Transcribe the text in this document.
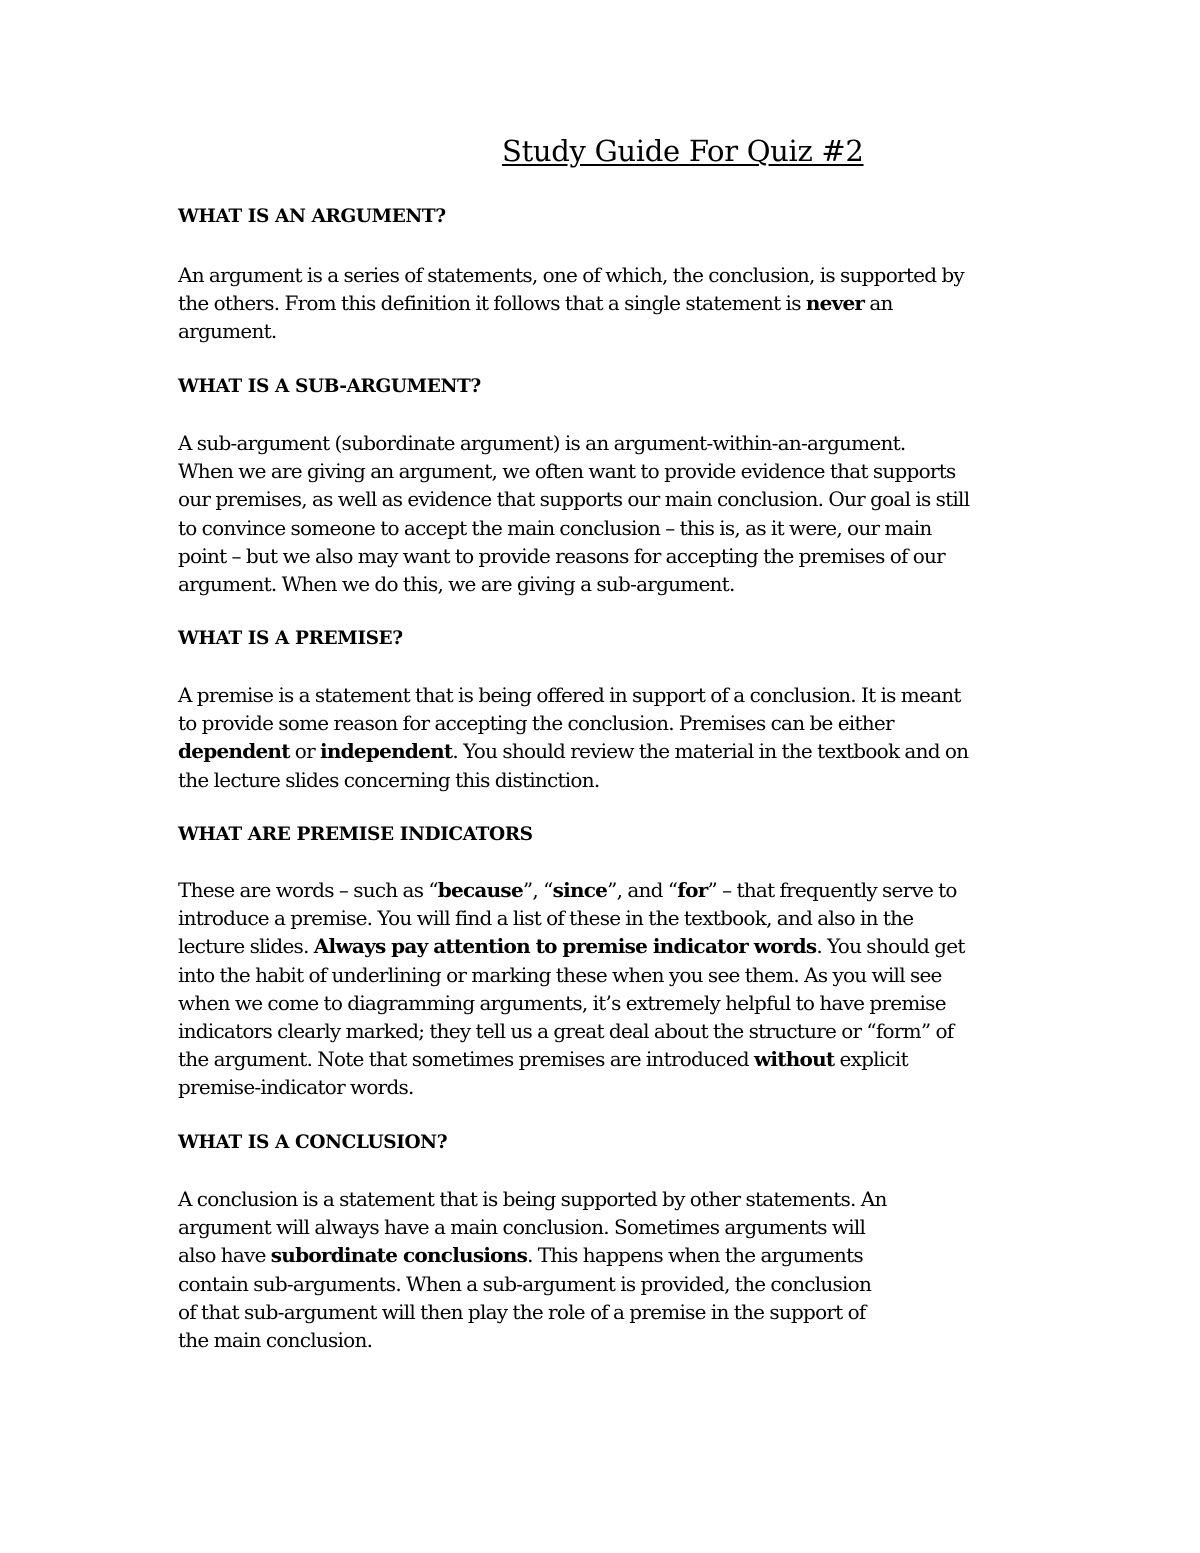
Study Guide For Quiz #2
WHAT IS AN ARGUMENT?
An argument is a series of statements, one of which, the conclusion, is supported by
the others. From this definition it follows that a single statement is never an
argument.
WHAT IS A SUB-ARGUMENT?
A sub-argument (subordinate argument) is an argument-within-an-argument.
When we are giving an argument, we often want to provide evidence that supports
our premises, as well as evidence that supports our main conclusion. Our goal is still
to convince someone to accept the main conclusion – this is, as it were, our main
point – but we also may want to provide reasons for accepting the premises of our
argument. When we do this, we are giving a sub-argument.
WHAT IS A PREMISE?
A premise is a statement that is being offered in support of a conclusion. It is meant
to provide some reason for accepting the conclusion. Premises can be either
dependent or independent. You should review the material in the textbook and on
the lecture slides concerning this distinction.
WHAT ARE PREMISE INDICATORS
These are words – such as “because”, “since”, and “for” – that frequently serve to
introduce a premise. You will find a list of these in the textbook, and also in the
lecture slides. Always pay attention to premise indicator words. You should get
into the habit of underlining or marking these when you see them. As you will see
when we come to diagramming arguments, it’s extremely helpful to have premise
indicators clearly marked; they tell us a great deal about the structure or “form” of
the argument. Note that sometimes premises are introduced without explicit
premise-indicator words.
WHAT IS A CONCLUSION?
A conclusion is a statement that is being supported by other statements. An
argument will always have a main conclusion. Sometimes arguments will
also have subordinate conclusions. This happens when the arguments
contain sub-arguments. When a sub-argument is provided, the conclusion
of that sub-argument will then play the role of a premise in the support of
the main conclusion.
